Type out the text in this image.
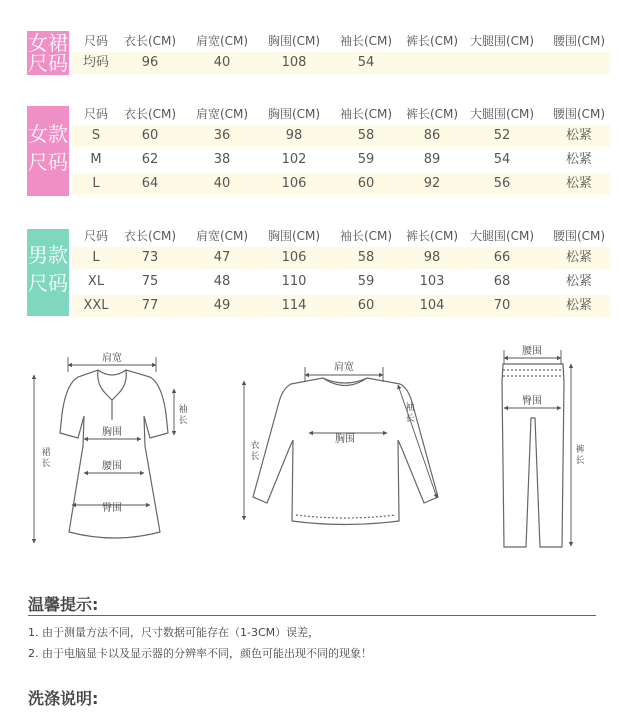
女裙
尺码
尺码	衣长(CM)	肩宽(CM)	胸围(CM)	袖长(CM)	裤长(CM) 大腿围(CM)	腰围(CM)
均码	96	40	108	54
女款
尺码
尺码	衣长(CM)	肩宽(CM)	胸围(CM)	袖长(CM)	裤长(CM) 大腿围(CM)	腰围(CM)
S	60	36	98	58	86	52	松紧
M	62	38	102	59	89	54	松紧
L	64	40	106	60	92	56	松紧
男款
尺码
尺码	衣长(CM)	肩宽(CM)	胸围(CM)	袖长(CM)	裤长(CM) 大腿围(CM)	腰围(CM)
L	73	47	106	58	98	66	松紧
XL	75	48	110	59	103	68	松紧
XXL	77	49	114	60	104	70	松紧
肩宽
袖长
胸围
腰围
臀围
裙长
肩宽
袖长
胸围
衣长
腰围
臀围
裤长
温馨提示:
1. 由于测量方法不同，尺寸数据可能存在（1-3CM）误差，
2. 由于电脑显卡以及显示器的分辨率不同，颜色可能出现不同的现象！
洗涤说明:
